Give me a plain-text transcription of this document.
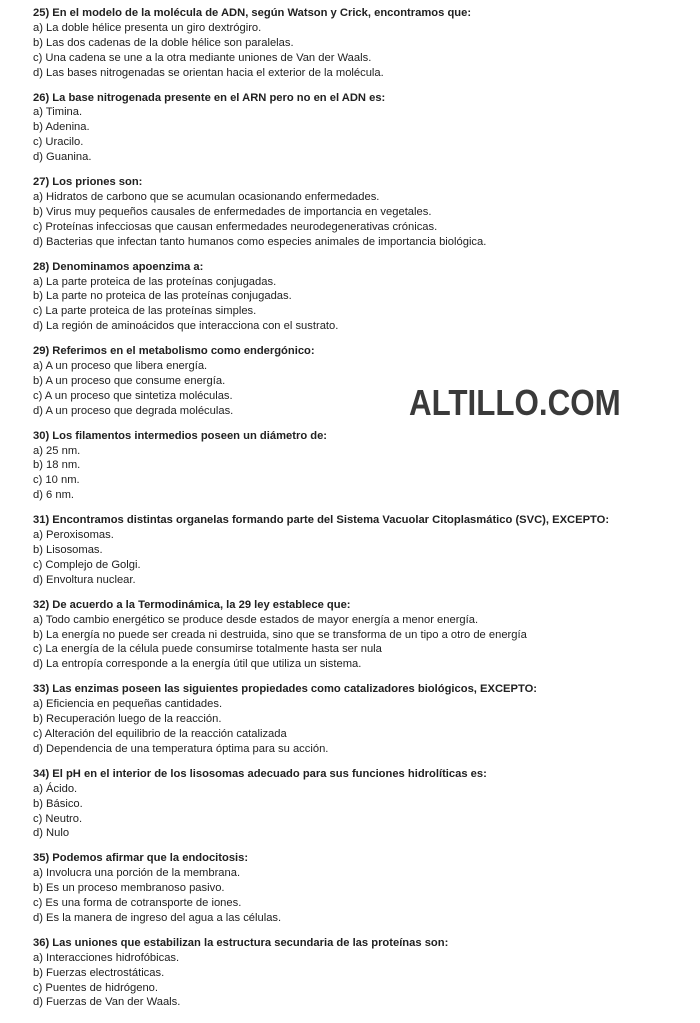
ALTILLO.COM
25) En el modelo de la molécula de ADN, según Watson y Crick, encontramos que:
a) La doble hélice presenta un giro dextrógiro.
b) Las dos cadenas de la doble hélice son paralelas.
c) Una cadena se une a la otra mediante uniones de Van der Waals.
d) Las bases nitrogenadas se orientan hacia el exterior de la molécula.
26) La base nitrogenada presente en el ARN pero no en el ADN es:
a) Timina.
b) Adenina.
c) Uracilo.
d) Guanina.
27) Los priones son:
a) Hidratos de carbono que se acumulan ocasionando enfermedades.
b) Virus muy pequeños causales de enfermedades de importancia en vegetales.
c) Proteínas infecciosas que causan enfermedades neurodegenerativas crónicas.
d) Bacterias que infectan tanto humanos como especies animales de importancia biológica.
28) Denominamos apoenzima a:
a) La parte proteica de las proteínas conjugadas.
b) La parte no proteica de las proteínas conjugadas.
c) La parte proteica de las proteínas simples.
d) La región de aminoácidos que interacciona con el sustrato.
29) Referimos en el metabolismo como endergónico:
a) A un proceso que libera energía.
b) A un proceso que consume energía.
c) A un proceso que sintetiza moléculas.
d) A un proceso que degrada moléculas.
30) Los filamentos intermedios poseen un diámetro de:
a) 25 nm.
b) 18 nm.
c) 10 nm.
d) 6 nm.
31) Encontramos distintas organelas formando parte del Sistema Vacuolar Citoplasmático (SVC), EXCEPTO:
a) Peroxisomas.
b) Lisosomas.
c) Complejo de Golgi.
d) Envoltura nuclear.
32) De acuerdo a la Termodinámica, la 29 ley establece que:
a) Todo cambio energético se produce desde estados de mayor energía a menor energía.
b) La energía no puede ser creada ni destruida, sino que se transforma de un tipo a otro de energía
c) La energía de la célula puede consumirse totalmente hasta ser nula
d) La entropía corresponde a la energía útil que utiliza un sistema.
33) Las enzimas poseen las siguientes propiedades como catalizadores biológicos, EXCEPTO:
a) Eficiencia en pequeñas cantidades.
b) Recuperación luego de la reacción.
c) Alteración del equilibrio de la reacción catalizada
d) Dependencia de una temperatura óptima para su acción.
34) El pH en el interior de los lisosomas adecuado para sus funciones hidrolíticas es:
a) Ácido.
b) Básico.
c) Neutro.
d) Nulo
35) Podemos afirmar que la endocitosis:
a) Involucra una porción de la membrana.
b) Es un proceso membranoso pasivo.
c) Es una forma de cotransporte de iones.
d) Es la manera de ingreso del agua a las células.
36) Las uniones que estabilizan la estructura secundaria de las proteínas son:
a) Interacciones hidrofóbicas.
b) Fuerzas electrostáticas.
c) Puentes de hidrógeno.
d) Fuerzas de Van der Waals.
